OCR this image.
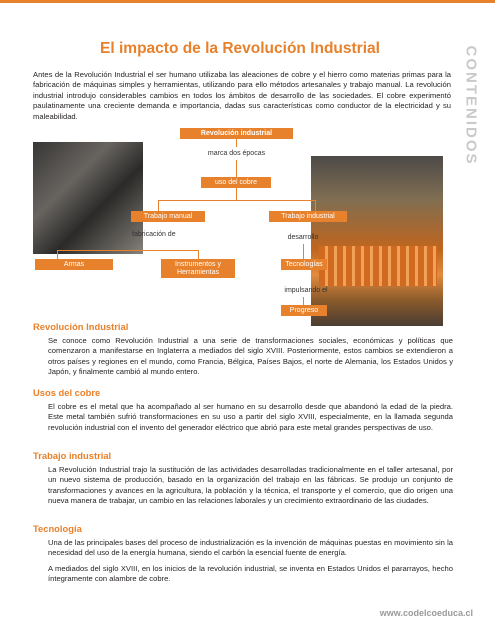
CONTENIDOS
El impacto de la Revolución Industrial

Antes de la Revolución Industrial el ser humano utilizaba las aleaciones de cobre y el hierro como materias primas para la fabricación de máquinas simples y herramientas, utilizando para ello métodos artesanales y trabajo manual. La revolución industrial introdujo considerables cambios en todos los ámbitos de desarrollo de las sociedades. El cobre experimentó paulatinamente una creciente demanda e importancia, dadas sus características como conductor de la electricidad y su maleabilidad.

Revolución industrial
marca dos épocas
uso del cobre
Trabajo manual	Trabajo industrial
fabricación de	desarrollo
Armas	Instrumentos y Herramientas
Tecnologías
impulsando el
Progreso
Revolución Industrial

Se conoce como Revolución Industrial a una serie de transformaciones sociales, económicas y políticas que comenzaron a manifestarse en Inglaterra a mediados del siglo XVIII. Posteriormente, estos cambios se extendieron a otros países y regiones en el mundo, como Francia, Bélgica, Países Bajos, el norte de Alemania, los Estados Unidos y Japón, y finalmente cambió al mundo entero.

Usos del cobre

El cobre es el metal que ha acompañado al ser humano en su desarrollo desde que abandonó la edad de la piedra. Este metal también sufrió transformaciones en su uso a partir del siglo XVIII, especialmente, en la llamada segunda revolución industrial con el invento del generador eléctrico que abrió para este metal grandes perspectivas de uso.

Trabajo industrial

La Revolución Industrial trajo la sustitución de las actividades desarrolladas tradicionalmente en el taller artesanal, por un nuevo sistema de producción, basado en la organización del trabajo en las fábricas. Se produjo un conjunto de transformaciones y avances en la agricultura, la población y la técnica, el transporte y el comercio, que dio origen una nueva manera de trabajar, un cambio en las relaciones laborales y un crecimiento extraordinario de las ciudades.

Tecnología

Una de las principales bases del proceso de industrialización es la invención de máquinas puestas en movimiento sin la necesidad del uso de la energía humana, siendo el carbón la esencial fuente de energía.

A mediados del siglo XVIII, en los inicios de la revolución industrial, se inventa en Estados Unidos el pararrayos, hecho íntegramente con alambre de cobre.

www.codelcoeduca.cl
